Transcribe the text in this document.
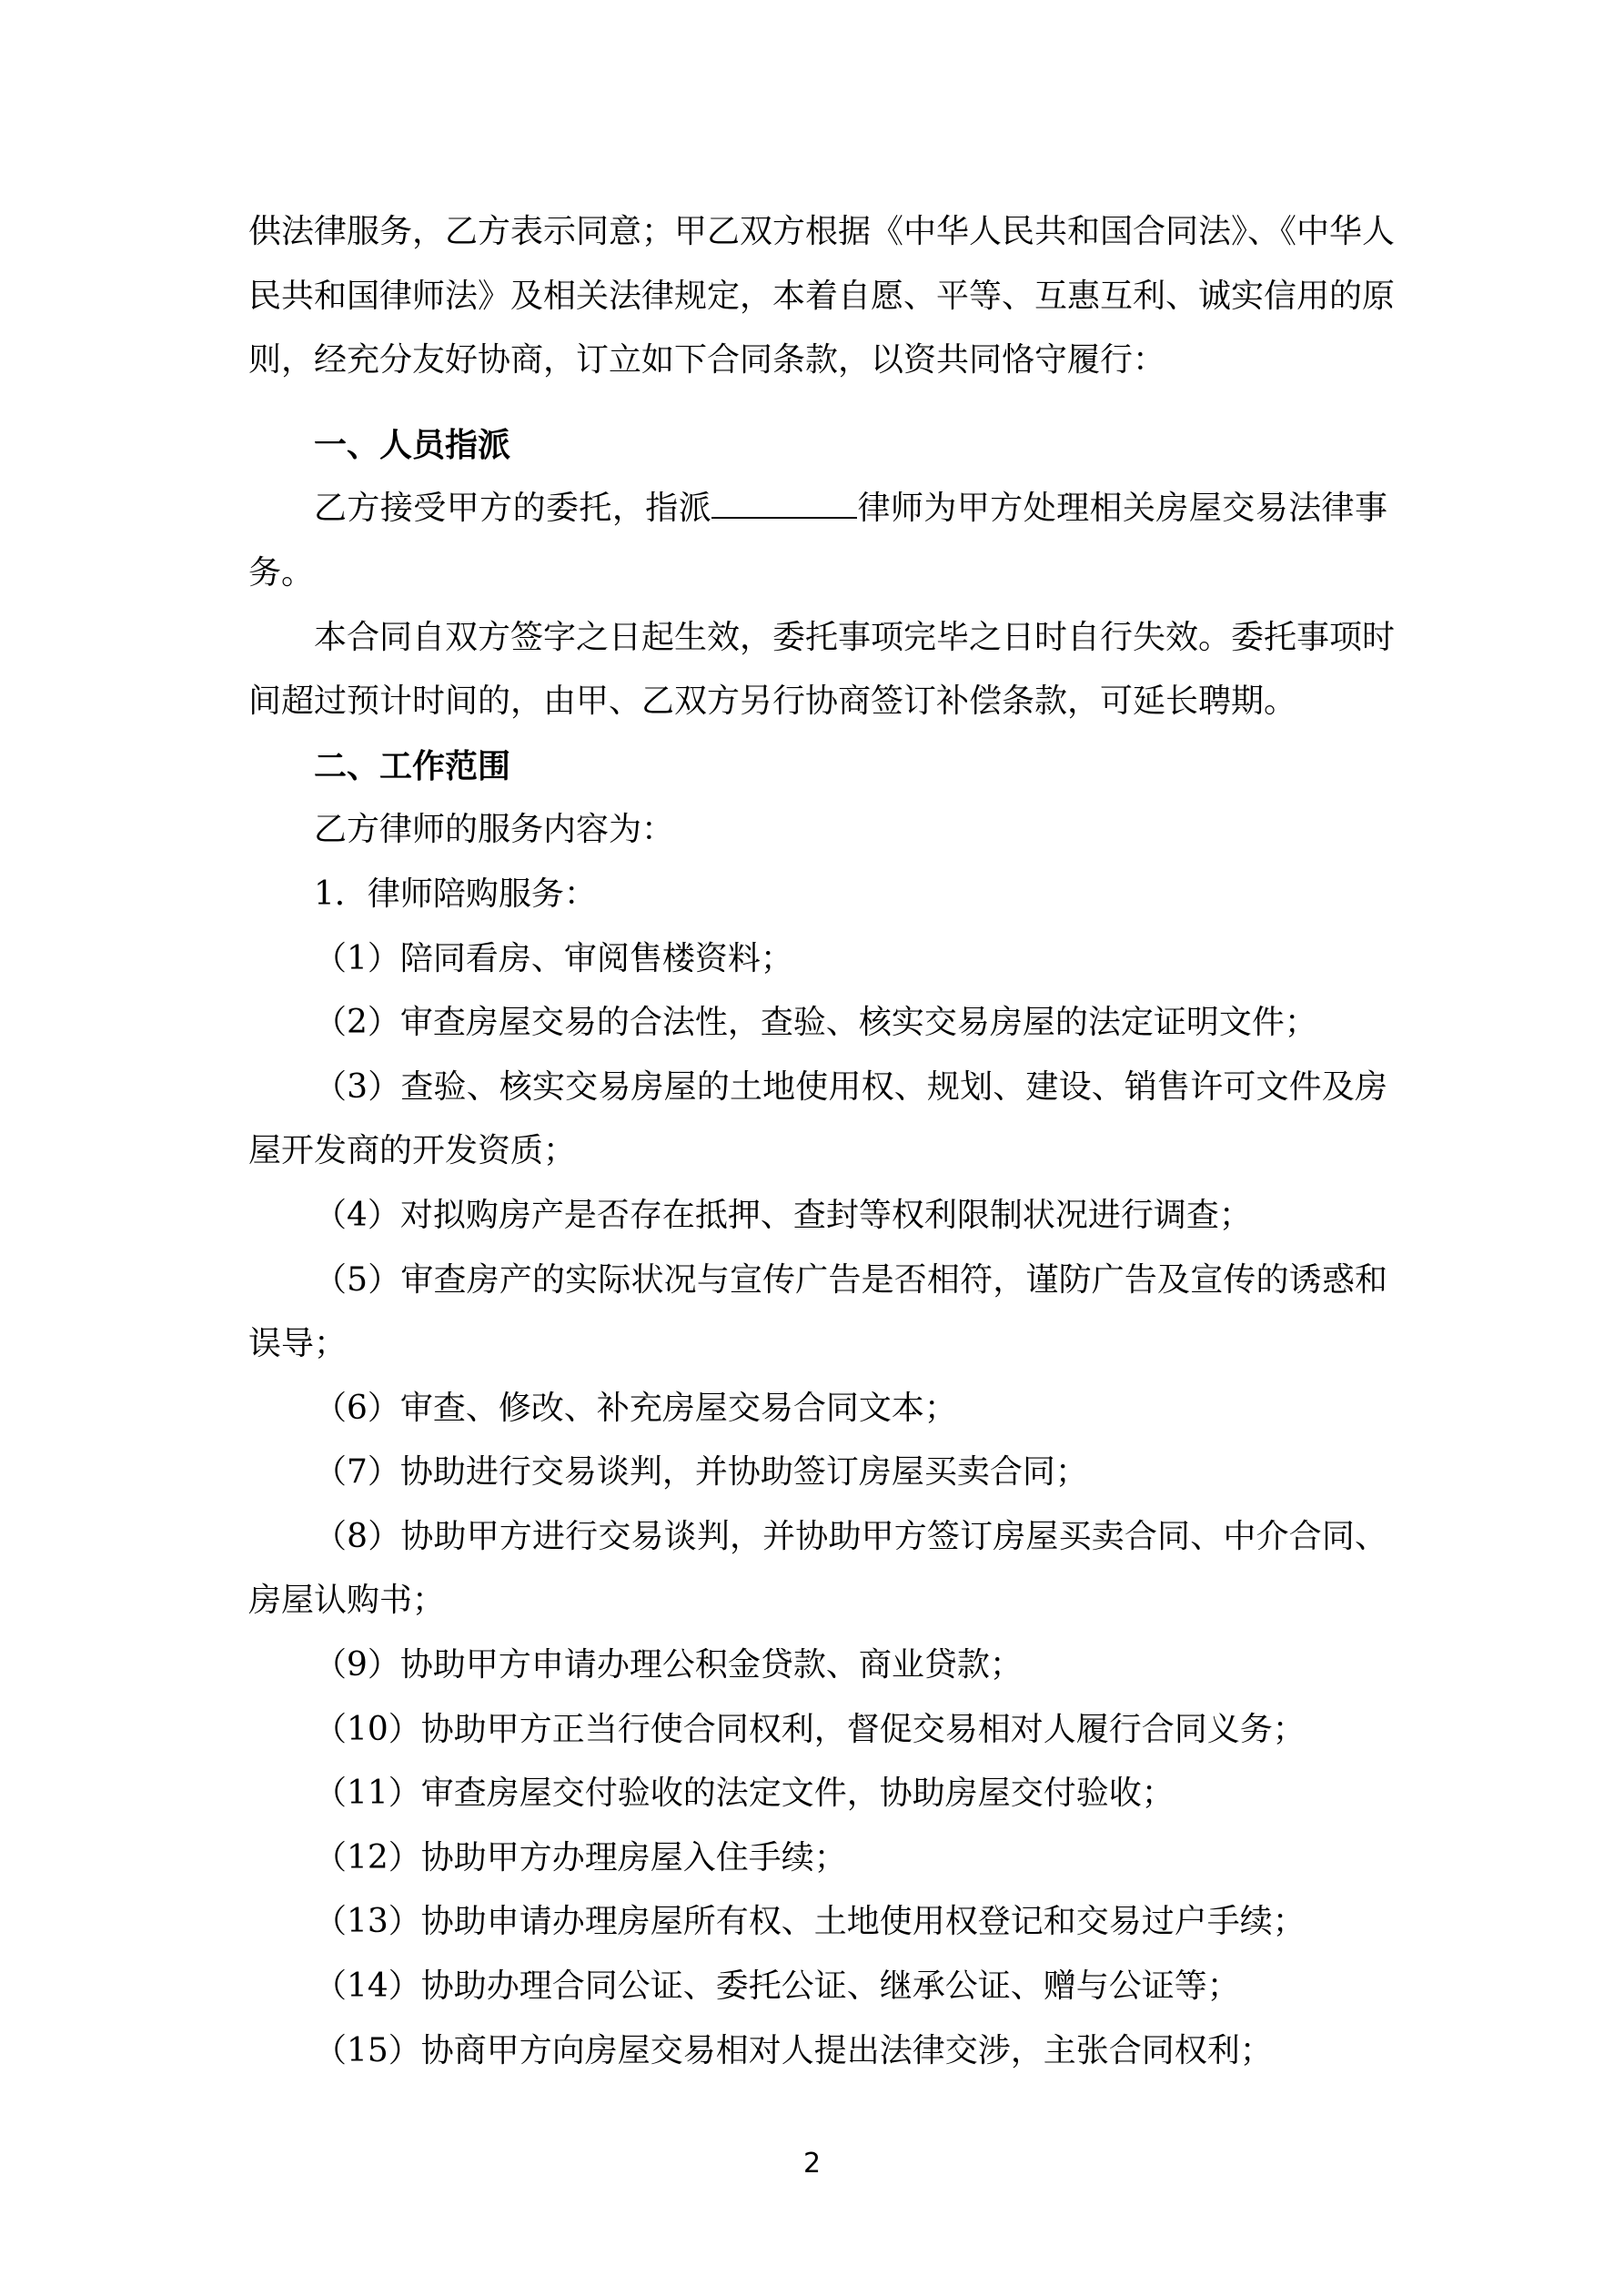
供法律服务，乙方表示同意；甲乙双方根据《中华人民共和国合同法》、《中华人
民共和国律师法》及相关法律规定，本着自愿、平等、互惠互利、诚实信用的原
则，经充分友好协商，订立如下合同条款，以资共同恪守履行：
一、人员指派
乙方接受甲方的委托，指派	律师为甲方处理相关房屋交易法律事
务。
本合同自双方签字之日起生效，委托事项完毕之日时自行失效。委托事项时
间超过预计时间的，由甲、乙双方另行协商签订补偿条款，可延长聘期。
二、工作范围
乙方律师的服务内容为：
1．律师陪购服务：
（1）陪同看房、审阅售楼资料；
（2）审查房屋交易的合法性，查验、核实交易房屋的法定证明文件；
（3）查验、核实交易房屋的土地使用权、规划、建设、销售许可文件及房
屋开发商的开发资质；
（4）对拟购房产是否存在抵押、查封等权利限制状况进行调查；
（5）审查房产的实际状况与宣传广告是否相符，谨防广告及宣传的诱惑和
误导；
（6）审查、修改、补充房屋交易合同文本；
（7）协助进行交易谈判，并协助签订房屋买卖合同；
（8）协助甲方进行交易谈判，并协助甲方签订房屋买卖合同、中介合同、
房屋认购书；
（9）协助甲方申请办理公积金贷款、商业贷款；
（10）协助甲方正当行使合同权利，督促交易相对人履行合同义务；
（11）审查房屋交付验收的法定文件，协助房屋交付验收；
（12）协助甲方办理房屋入住手续；
（13）协助申请办理房屋所有权、土地使用权登记和交易过户手续；
（14）协助办理合同公证、委托公证、继承公证、赠与公证等；
（15）协商甲方向房屋交易相对人提出法律交涉，主张合同权利；
2
